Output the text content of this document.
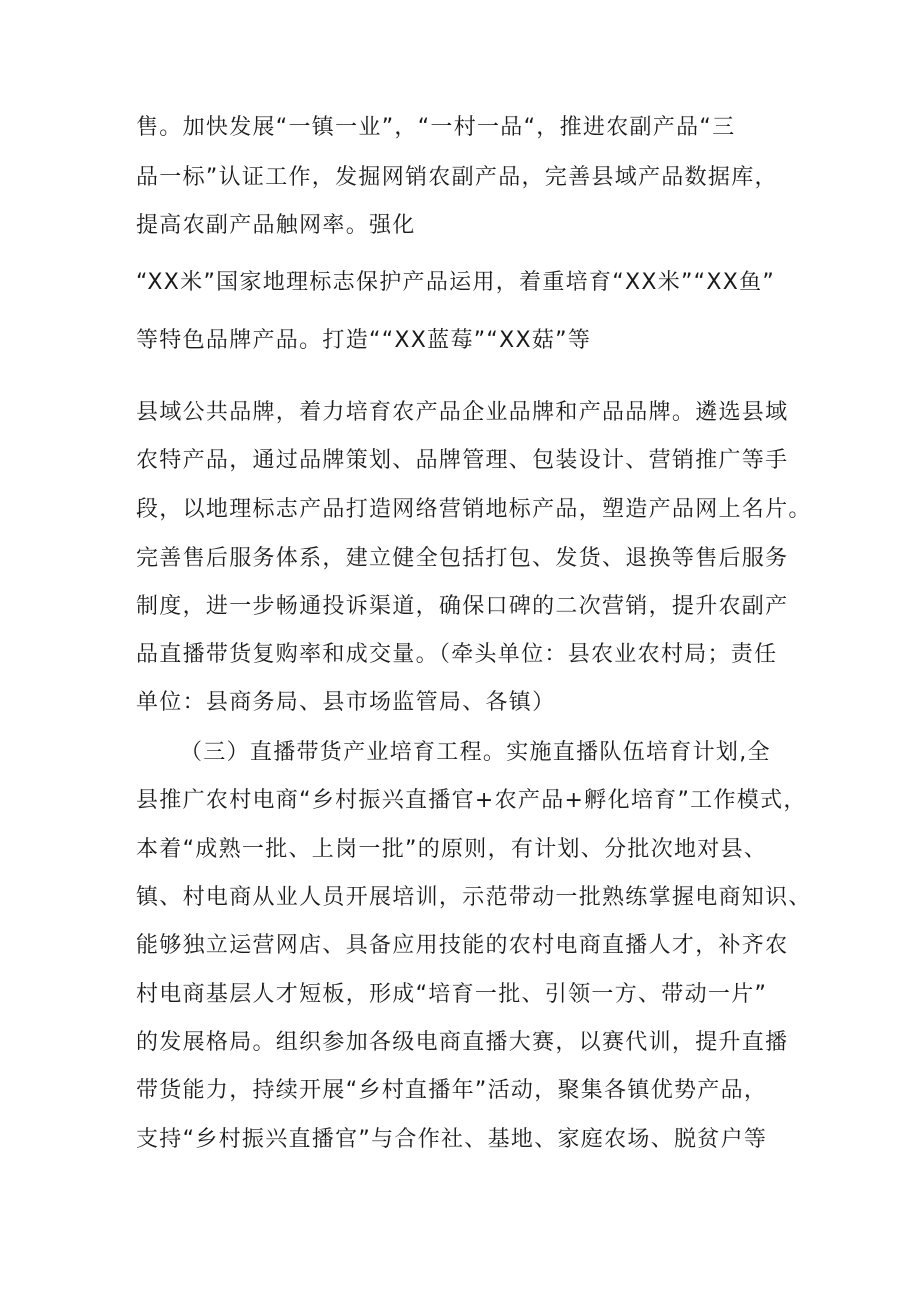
售。加快发展“一镇一业”，“一村一品“，推进农副产品“三
品一标”认证工作，发掘网销农副产品，完善县域产品数据库，
提高农副产品触网率。强化
“XX米”国家地理标志保护产品运用，着重培育“XX米”“XX鱼”
等特色品牌产品。打造““XX蓝莓”“XX菇”等
县域公共品牌，着力培育农产品企业品牌和产品品牌。遴选县域
农特产品，通过品牌策划、品牌管理、包装设计、营销推广等手
段，以地理标志产品打造网络营销地标产品，塑造产品网上名片。
完善售后服务体系，建立健全包括打包、发货、退换等售后服务
制度，进一步畅通投诉渠道，确保口碑的二次营销，提升农副产
品直播带货复购率和成交量。（牵头单位：县农业农村局；责任
单位：县商务局、县市场监管局、各镇）
（三）直播带货产业培育工程。实施直播队伍培育计划,全
县推广农村电商“乡村振兴直播官+农产品+孵化培育”工作模式，
本着“成熟一批、上岗一批”的原则，有计划、分批次地对县、
镇、村电商从业人员开展培训，示范带动一批熟练掌握电商知识、
能够独立运营网店、具备应用技能的农村电商直播人才，补齐农
村电商基层人才短板，形成“培育一批、引领一方、带动一片”
的发展格局。组织参加各级电商直播大赛，以赛代训，提升直播
带货能力，持续开展“乡村直播年”活动，聚集各镇优势产品，
支持“乡村振兴直播官”与合作社、基地、家庭农场、脱贫户等
